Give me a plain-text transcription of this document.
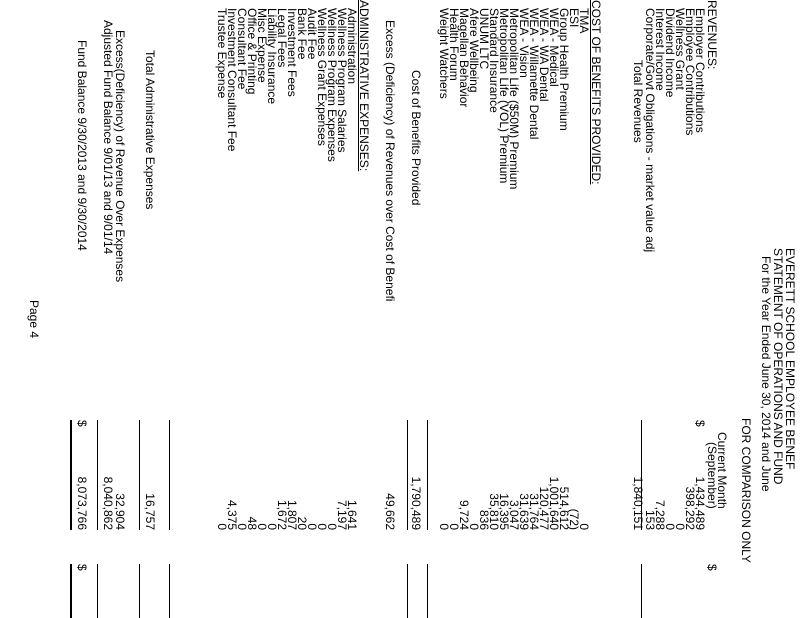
EVERETT SCHOOL EMPLOYEE BENEF
STATEMENT OF OPERATIONS AND FUND
For the Year Ended June 30, 2014 and June
FOR COMPARISON ONLY
Current Month
(September)
$
REVENUES:
Employer Contributions
$
1,434,489
Employee Contributions
398,292
Wellness Grant
0
Dividend Income
0
Interest Income
7,288
Corporate/Govt Obligations - market value adj
153
Total Revenues
1,840,151
COST OF BENEFITS PROVIDED:
TMA
0
ESI
(72)
Group Health Premium
514,612
WEA - Medical
1,001,640
WEA - WA Dental
120,477
WEA - Willamette Dental
31,764
WEA - Vision
31,639
Metropolitan Life ($50M) Premium
3,047
Metropolitan Life (VOL) Premium
16,395
Standard Insurance
35,810
UNUM LTC
836
Afere Wellbeing
0
Magellan Behavior
9,724
Health Forum
0
Weight Watchers
0
Cost of Benefits Provided
1,790,489
Excess (Deficiency) of Revenues over Cost of Benefi
49,662
ADMINISTRATIVE EXPENSES:
Administration
1,641
Wellness Program Salaries
7,197
Wellness Program Expenses
0
Wellness Grant Expenses
0
Audit Fee
0
Bank Fee
20
Investment Fees
1,807
Legal Fees
1,672
Liability Insurance
0
Misc Expense
0
Office & Printing
48
Consultant Fee
0
Investment Consultant Fee
4,375
Trustee Expense
0
Total Administrative Expenses
16,757
Excess(Deficiency) of Revenue Over Expenses
32,904
Adjusted Fund Balance 9/01/13 and 9/01/14
8,040,862
Fund Balance 9/30/2013 and 9/30/2014
$
8,073,766
$
Page 4
